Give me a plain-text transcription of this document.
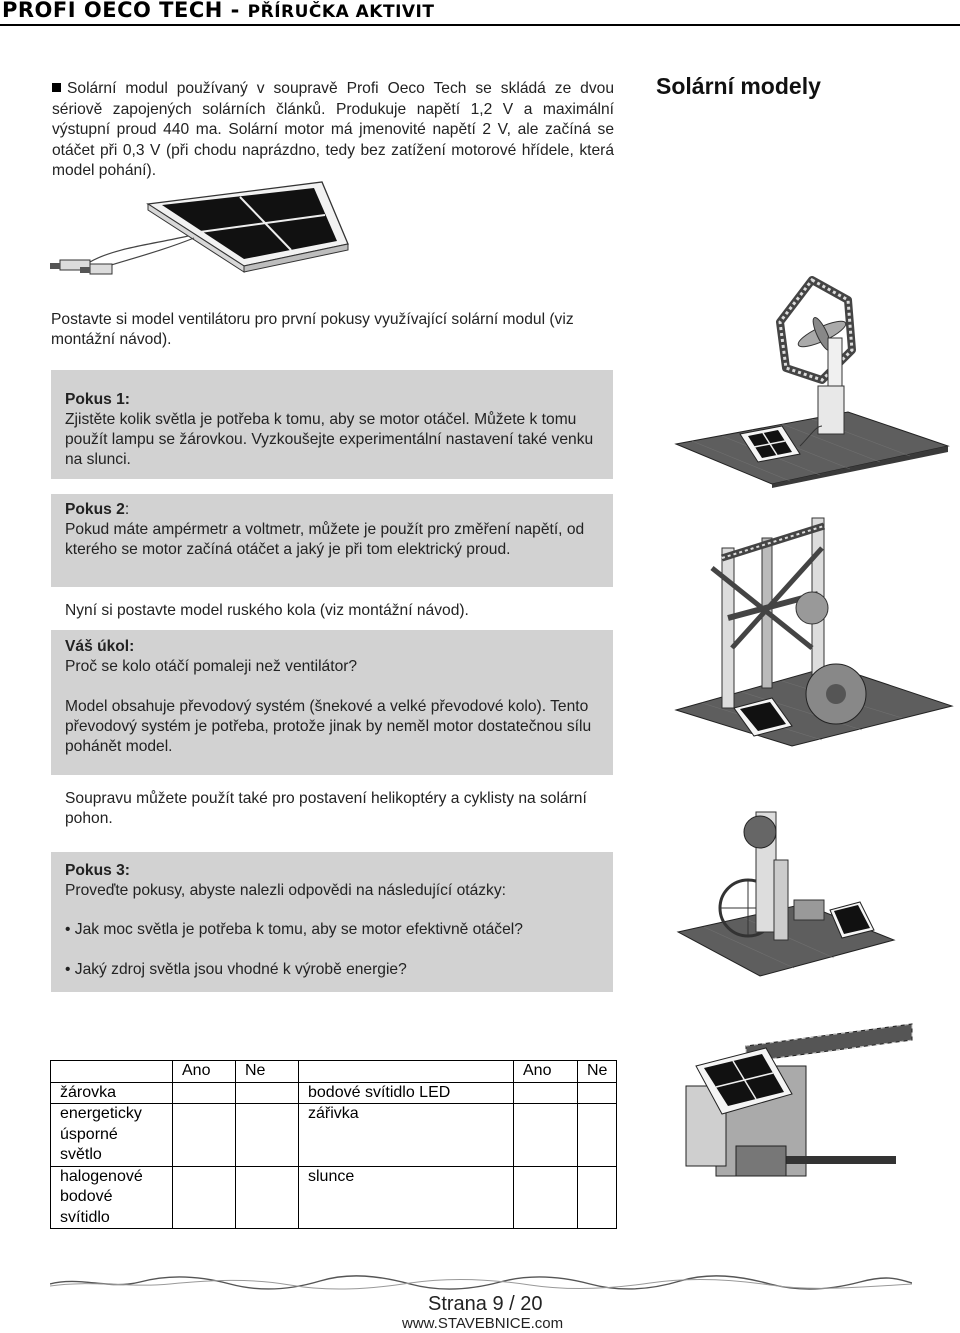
PROFI OECO TECH - PŘÍRUČKA AKTIVIT
Solární modul používaný v soupravě Profi Oeco Tech se skládá ze dvou sériově zapojených solárních článků. Produkuje napětí 1,2 V a maximální výstupní proud 440 ma. Solární motor má jmenovité napětí 2 V, ale začíná se otáčet při 0,3 V (při chodu naprázdno, tedy bez zatížení motorové hřídele, která model pohání).
Solární modely
Postavte si model ventilátoru pro první pokusy využívající solární modul (viz montážní návod).
Pokus 1:
Zjistěte kolik světla je potřeba k tomu, aby se motor otáčel. Můžete k tomu použít lampu se žárovkou. Vyzkoušejte experimentální nastavení také venku na slunci.
Pokus 2:
Pokud máte ampérmetr a voltmetr, můžete je použít pro změření napětí, od kterého se motor začíná otáčet a jaký je při tom elektrický proud.
Nyní si postavte model ruského kola (viz montážní návod).
Váš úkol:
Proč se kolo otáčí pomaleji než ventilátor?
Model obsahuje převodový systém (šnekové a velké převodové kolo). Tento převodový systém je potřeba, protože jinak by neměl motor dostatečnou sílu pohánět model.
Soupravu můžete použít také pro postavení helikoptéry a cyklisty na solární pohon.
Pokus 3:
Proveďte pokusy, abyste nalezli odpovědi na následující otázky:
• Jak moc světla je potřeba k tomu, aby se motor efektivně otáčel?
• Jaký zdroj světla jsou vhodné k výrobě energie?
	Ano	Ne		Ano	Ne
žárovka			bodové svítidlo LED		
energeticky úsporné světlo			zářivka		
halogenové bodové svítidlo			slunce		
Strana 9 / 20
www.STAVEBNICE.com
